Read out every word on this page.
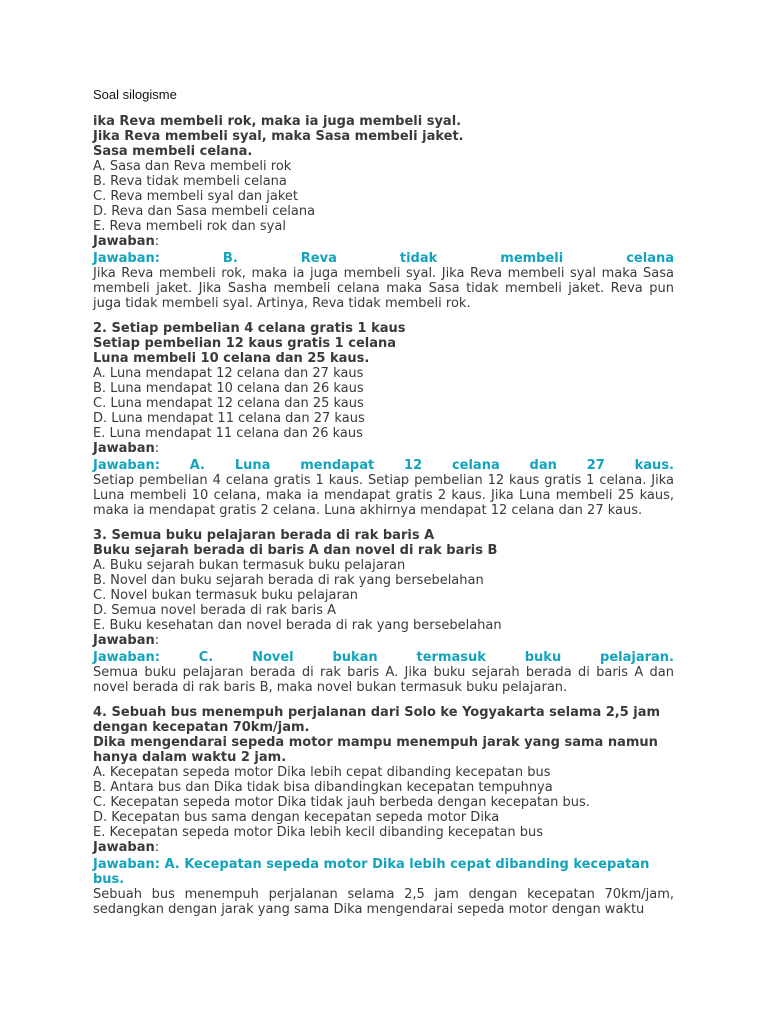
Soal silogisme
ika Reva membeli rok, maka ia juga membeli syal.
Jika Reva membeli syal, maka Sasa membeli jaket.
Sasa membeli celana.
A. Sasa dan Reva membeli rok
B. Reva tidak membeli celana
C. Reva membeli syal dan jaket
D. Reva dan Sasa membeli celana
E. Reva membeli rok dan syal
Jawaban:
Jawaban: B. Reva tidak membeli celana
Jika Reva membeli rok, maka ia juga membeli syal. Jika Reva membeli syal maka Sasa membeli jaket. Jika Sasha membeli celana maka Sasa tidak membeli jaket. Reva pun juga tidak membeli syal. Artinya, Reva tidak membeli rok.
2. Setiap pembelian 4 celana gratis 1 kaus
Setiap pembelian 12 kaus gratis 1 celana
Luna membeli 10 celana dan 25 kaus.
A. Luna mendapat 12 celana dan 27 kaus
B. Luna mendapat 10 celana dan 26 kaus
C. Luna mendapat 12 celana dan 25 kaus
D. Luna mendapat 11 celana dan 27 kaus
E. Luna mendapat 11 celana dan 26 kaus
Jawaban:
Jawaban: A. Luna mendapat 12 celana dan 27 kaus.
Setiap pembelian 4 celana gratis 1 kaus. Setiap pembelian 12 kaus gratis 1 celana. Jika Luna membeli 10 celana, maka ia mendapat gratis 2 kaus. Jika Luna membeli 25 kaus, maka ia mendapat gratis 2 celana. Luna akhirnya mendapat 12 celana dan 27 kaus.
3. Semua buku pelajaran berada di rak baris A
Buku sejarah berada di baris A dan novel di rak baris B
A. Buku sejarah bukan termasuk buku pelajaran
B. Novel dan buku sejarah berada di rak yang bersebelahan
C. Novel bukan termasuk buku pelajaran
D. Semua novel berada di rak baris A
E. Buku kesehatan dan novel berada di rak yang bersebelahan
Jawaban:
Jawaban: C. Novel bukan termasuk buku pelajaran.
Semua buku pelajaran berada di rak baris A. Jika buku sejarah berada di baris A dan novel berada di rak baris B, maka novel bukan termasuk buku pelajaran.
4. Sebuah bus menempuh perjalanan dari Solo ke Yogyakarta selama 2,5 jam dengan kecepatan 70km/jam.
Dika mengendarai sepeda motor mampu menempuh jarak yang sama namun hanya dalam waktu 2 jam.
A. Kecepatan sepeda motor Dika lebih cepat dibanding kecepatan bus
B. Antara bus dan Dika tidak bisa dibandingkan kecepatan tempuhnya
C. Kecepatan sepeda motor Dika tidak jauh berbeda dengan kecepatan bus.
D. Kecepatan bus sama dengan kecepatan sepeda motor Dika
E. Kecepatan sepeda motor Dika lebih kecil dibanding kecepatan bus
Jawaban:
Jawaban: A. Kecepatan sepeda motor Dika lebih cepat dibanding kecepatan bus.
Sebuah bus menempuh perjalanan selama 2,5 jam dengan kecepatan 70km/jam, sedangkan dengan jarak yang sama Dika mengendarai sepeda motor dengan waktu
